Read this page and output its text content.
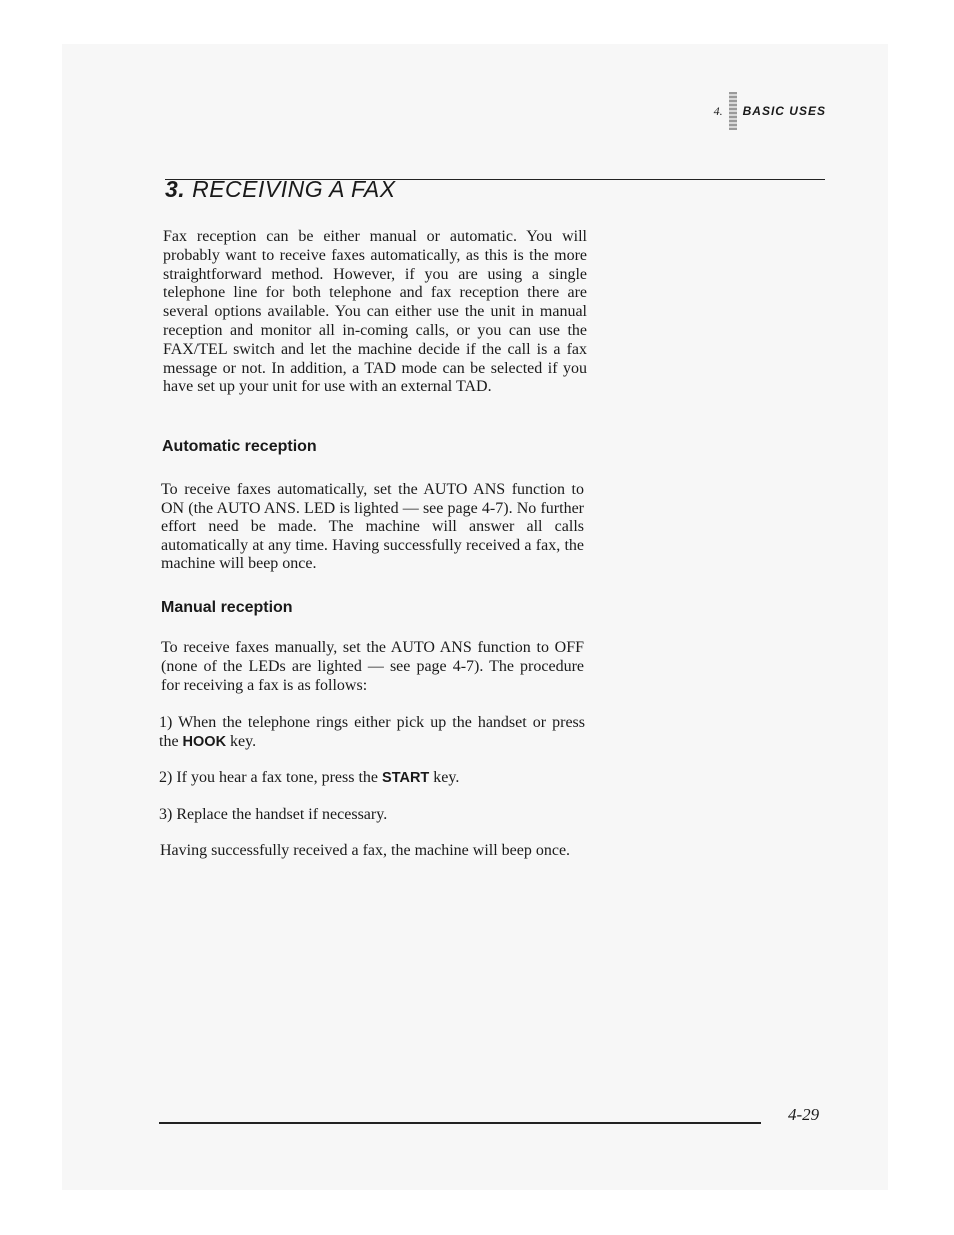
4. BASIC USES
3. RECEIVING A FAX

Fax reception can be either manual or automatic. You will probably want to receive faxes automatically, as this is the more straightforward method. However, if you are using a single telephone line for both telephone and fax reception there are several options available. You can either use the unit in manual reception and monitor all in-coming calls, or you can use the FAX/TEL switch and let the machine decide if the call is a fax message or not. In addition, a TAD mode can be selected if you have set up your unit for use with an external TAD.

Automatic reception

To receive faxes automatically, set the AUTO ANS function to ON (the AUTO ANS. LED is lighted — see page 4-7). No further effort need be made. The machine will answer all calls automatically at any time. Having successfully received a fax, the machine will beep once.

Manual reception

To receive faxes manually, set the AUTO ANS function to OFF (none of the LEDs are lighted — see page 4-7). The procedure for receiving a fax is as follows:

1) When the telephone rings either pick up the handset or press the HOOK key.

2) If you hear a fax tone, press the START key.

3) Replace the handset if necessary.

Having successfully received a fax, the machine will beep once.

4-29
